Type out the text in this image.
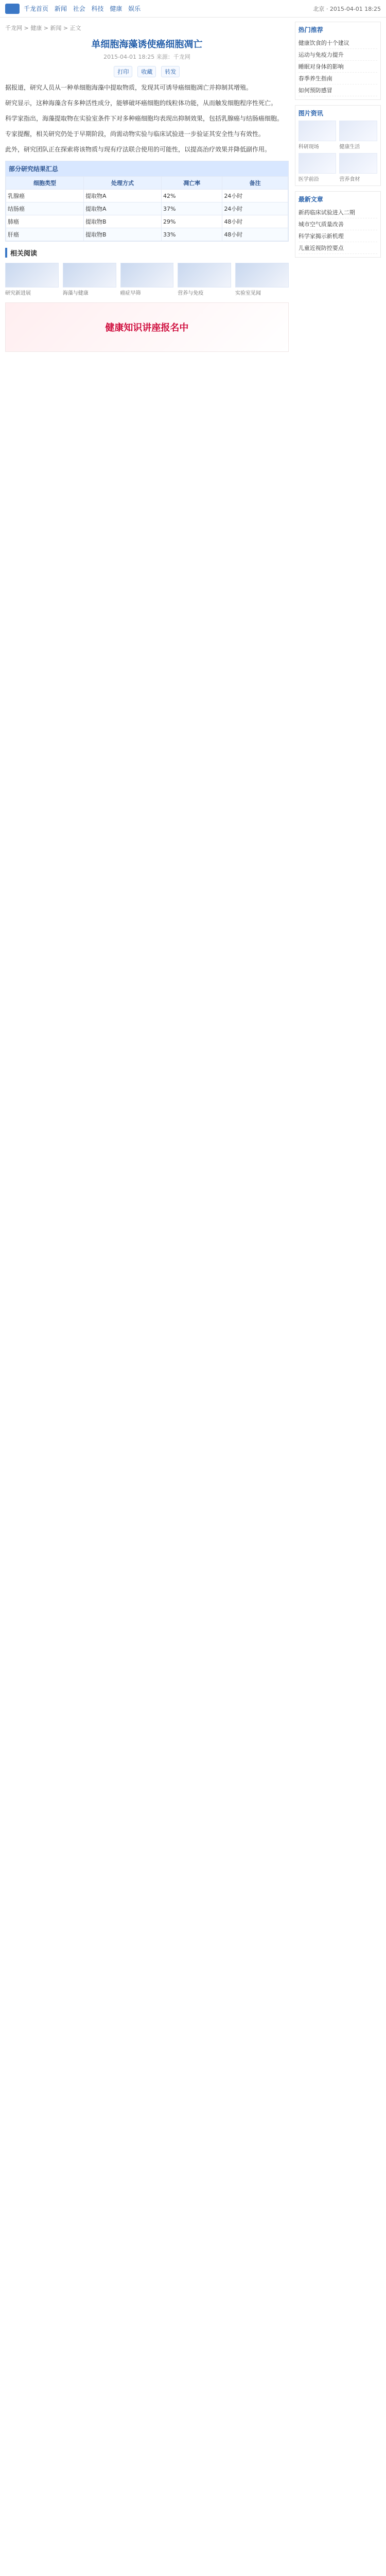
千龙首页 新闻 社会 科技 健康 娱乐	北京 · 2015-04-01 18:25
千龙网 > 健康 > 新闻 > 正文
单细胞海藻诱使癌细胞凋亡
2015-04-01 18:25 来源：千龙网
打印	收藏	转发

据报道，研究人员从一种单细胞海藻中提取物质，发现其可诱导癌细胞凋亡并抑制其增殖。

研究显示，这种海藻含有多种活性成分，能够破坏癌细胞的线粒体功能，从而触发细胞程序性死亡。

科学家指出，海藻提取物在实验室条件下对多种癌细胞均表现出抑制效果，包括乳腺癌与结肠癌细胞。

专家提醒，相关研究仍处于早期阶段，尚需动物实验与临床试验进一步验证其安全性与有效性。

此外，研究团队正在探索将该物质与现有疗法联合使用的可能性，以提高治疗效果并降低副作用。

部分研究结果汇总
细胞类型	处理方式	凋亡率	备注
乳腺癌	提取物A	42%	24小时
结肠癌	提取物A	37%	24小时
肺癌	提取物B	29%	48小时
肝癌	提取物B	33%	48小时
相关阅读
研究新进展	海藻与健康	癌症早筛	营养与免疫	实验室见闻
健康知识讲座报名中
热门推荐
健康饮食的十个建议
运动与免疫力提升
睡眠对身体的影响
春季养生指南
如何预防感冒
图片资讯
科研现场	健康生活
医学前沿	营养食材
最新文章
新药临床试验进入二期
城市空气质量改善
科学家揭示新机理
儿童近视防控要点
